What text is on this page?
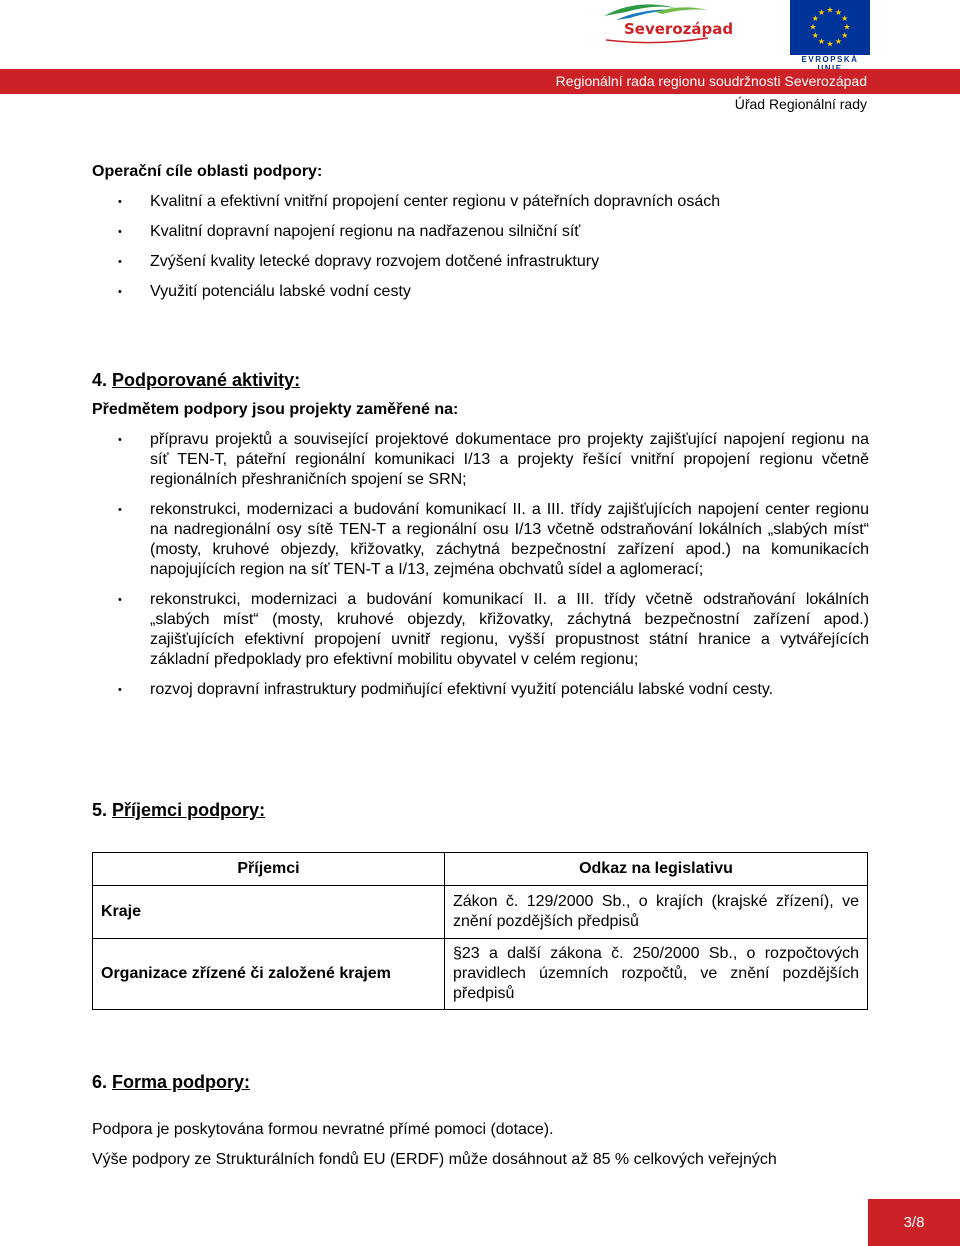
Severozápad	★
★
★
★
★
★
★
★
★ ★ ★
★
EVROPSKÁ
Regionální rada regionu soudržnosti Severozápad
Úřad Regionální rady
Operační cíle oblasti podpory:
• Kvalitní a efektivní vnitřní propojení center regionu v páteřních dopravních osách
• Kvalitní dopravní napojení regionu na nadřazenou silniční síť
• Zvýšení kvality letecké dopravy rozvojem dotčené infrastruktury
• Využití potenciálu labské vodní cesty
4. Podporované aktivity:
Předmětem podpory jsou projekty zaměřené na:
• přípravu projektů a související projektové dokumentace pro projekty zajišťující napojení regionu na síť TEN-T, páteřní regionální komunikaci I/13 a projekty řešící vnitřní propojení regionu včetně regionálních přeshraničních spojení se SRN;
• rekonstrukci, modernizaci a budování komunikací II. a III. třídy zajišťujících napojení center regionu na nadregionální osy sítě TEN-T a regionální osu I/13 včetně odstraňování lokálních „slabých míst“ (mosty, kruhové objezdy, křižovatky, záchytná bezpečnostní zařízení apod.) na komunikacích napojujících region na síť TEN-T a I/13, zejména obchvatů sídel a aglomerací;
• rekonstrukci, modernizaci a budování komunikací II. a III. třídy včetně odstraňování lokálních „slabých míst“ (mosty, kruhové objezdy, křižovatky, záchytná bezpečnostní zařízení apod.) zajišťujících efektivní propojení uvnitř regionu, vyšší propustnost státní hranice a vytvářejících základní předpoklady pro efektivní mobilitu obyvatel v celém regionu;
• rozvoj dopravní infrastruktury podmiňující efektivní využití potenciálu labské vodní cesty.
5. Příjemci podpory:
Příjemci	Odkaz na legislativu
Kraje	Zákon č. 129/2000 Sb., o krajích (krajské zřízení), ve znění pozdějších předpisů
Organizace zřízené či založené krajem	§23 a další zákona č. 250/2000 Sb., o rozpočtových pravidlech územních rozpočtů, ve znění pozdějších předpisů
6. Forma podpory:
Podpora je poskytována formou nevratné přímé pomoci (dotace).
Výše podpory ze Strukturálních fondů EU (ERDF) může dosáhnout až 85 % celkových veřejných
3/8
